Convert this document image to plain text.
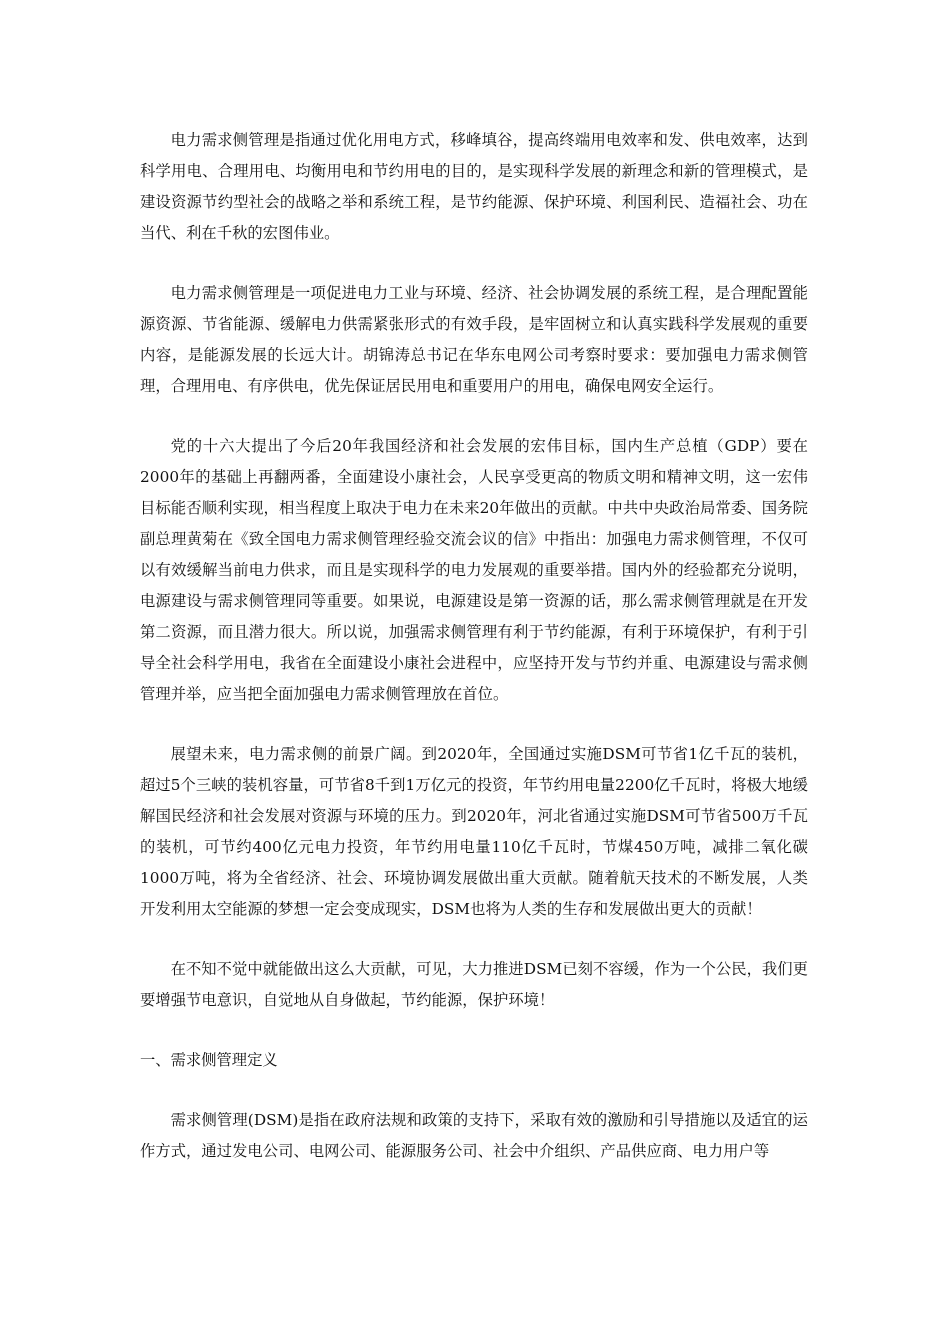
电力需求侧管理是指通过优化用电方式，移峰填谷，提高终端用电效率和发、供电效率，达到科学用电、合理用电、均衡用电和节约用电的目的，是实现科学发展的新理念和新的管理模式，是建设资源节约型社会的战略之举和系统工程，是节约能源、保护环境、利国利民、造福社会、功在当代、利在千秋的宏图伟业。

电力需求侧管理是一项促进电力工业与环境、经济、社会协调发展的系统工程，是合理配置能源资源、节省能源、缓解电力供需紧张形式的有效手段，是牢固树立和认真实践科学发展观的重要内容，是能源发展的长远大计。胡锦涛总书记在华东电网公司考察时要求：要加强电力需求侧管理，合理用电、有序供电，优先保证居民用电和重要用户的用电，确保电网安全运行。

党的十六大提出了今后20年我国经济和社会发展的宏伟目标，国内生产总植（GDP）要在2000年的基础上再翻两番，全面建设小康社会，人民享受更高的物质文明和精神文明，这一宏伟目标能否顺利实现，相当程度上取决于电力在未来20年做出的贡献。中共中央政治局常委、国务院副总理黄菊在《致全国电力需求侧管理经验交流会议的信》中指出：加强电力需求侧管理，不仅可以有效缓解当前电力供求，而且是实现科学的电力发展观的重要举措。国内外的经验都充分说明，电源建设与需求侧管理同等重要。如果说，电源建设是第一资源的话，那么需求侧管理就是在开发第二资源，而且潜力很大。所以说，加强需求侧管理有利于节约能源，有利于环境保护，有利于引导全社会科学用电，我省在全面建设小康社会进程中，应坚持开发与节约并重、电源建设与需求侧管理并举，应当把全面加强电力需求侧管理放在首位。

展望未来，电力需求侧的前景广阔。到2020年，全国通过实施DSM可节省1亿千瓦的装机，超过5个三峡的装机容量，可节省8千到1万亿元的投资，年节约用电量2200亿千瓦时，将极大地缓解国民经济和社会发展对资源与环境的压力。到2020年，河北省通过实施DSM可节省500万千瓦的装机，可节约400亿元电力投资，年节约用电量110亿千瓦时，节煤450万吨，减排二氧化碳1000万吨，将为全省经济、社会、环境协调发展做出重大贡献。随着航天技术的不断发展，人类开发利用太空能源的梦想一定会变成现实，DSM也将为人类的生存和发展做出更大的贡献！

在不知不觉中就能做出这么大贡献，可见，大力推进DSM已刻不容缓，作为一个公民，我们更要增强节电意识，自觉地从自身做起，节约能源，保护环境！

一、需求侧管理定义

需求侧管理(DSM)是指在政府法规和政策的支持下，采取有效的激励和引导措施以及适宜的运作方式，通过发电公司、电网公司、能源服务公司、社会中介组织、产品供应商、电力用户等
